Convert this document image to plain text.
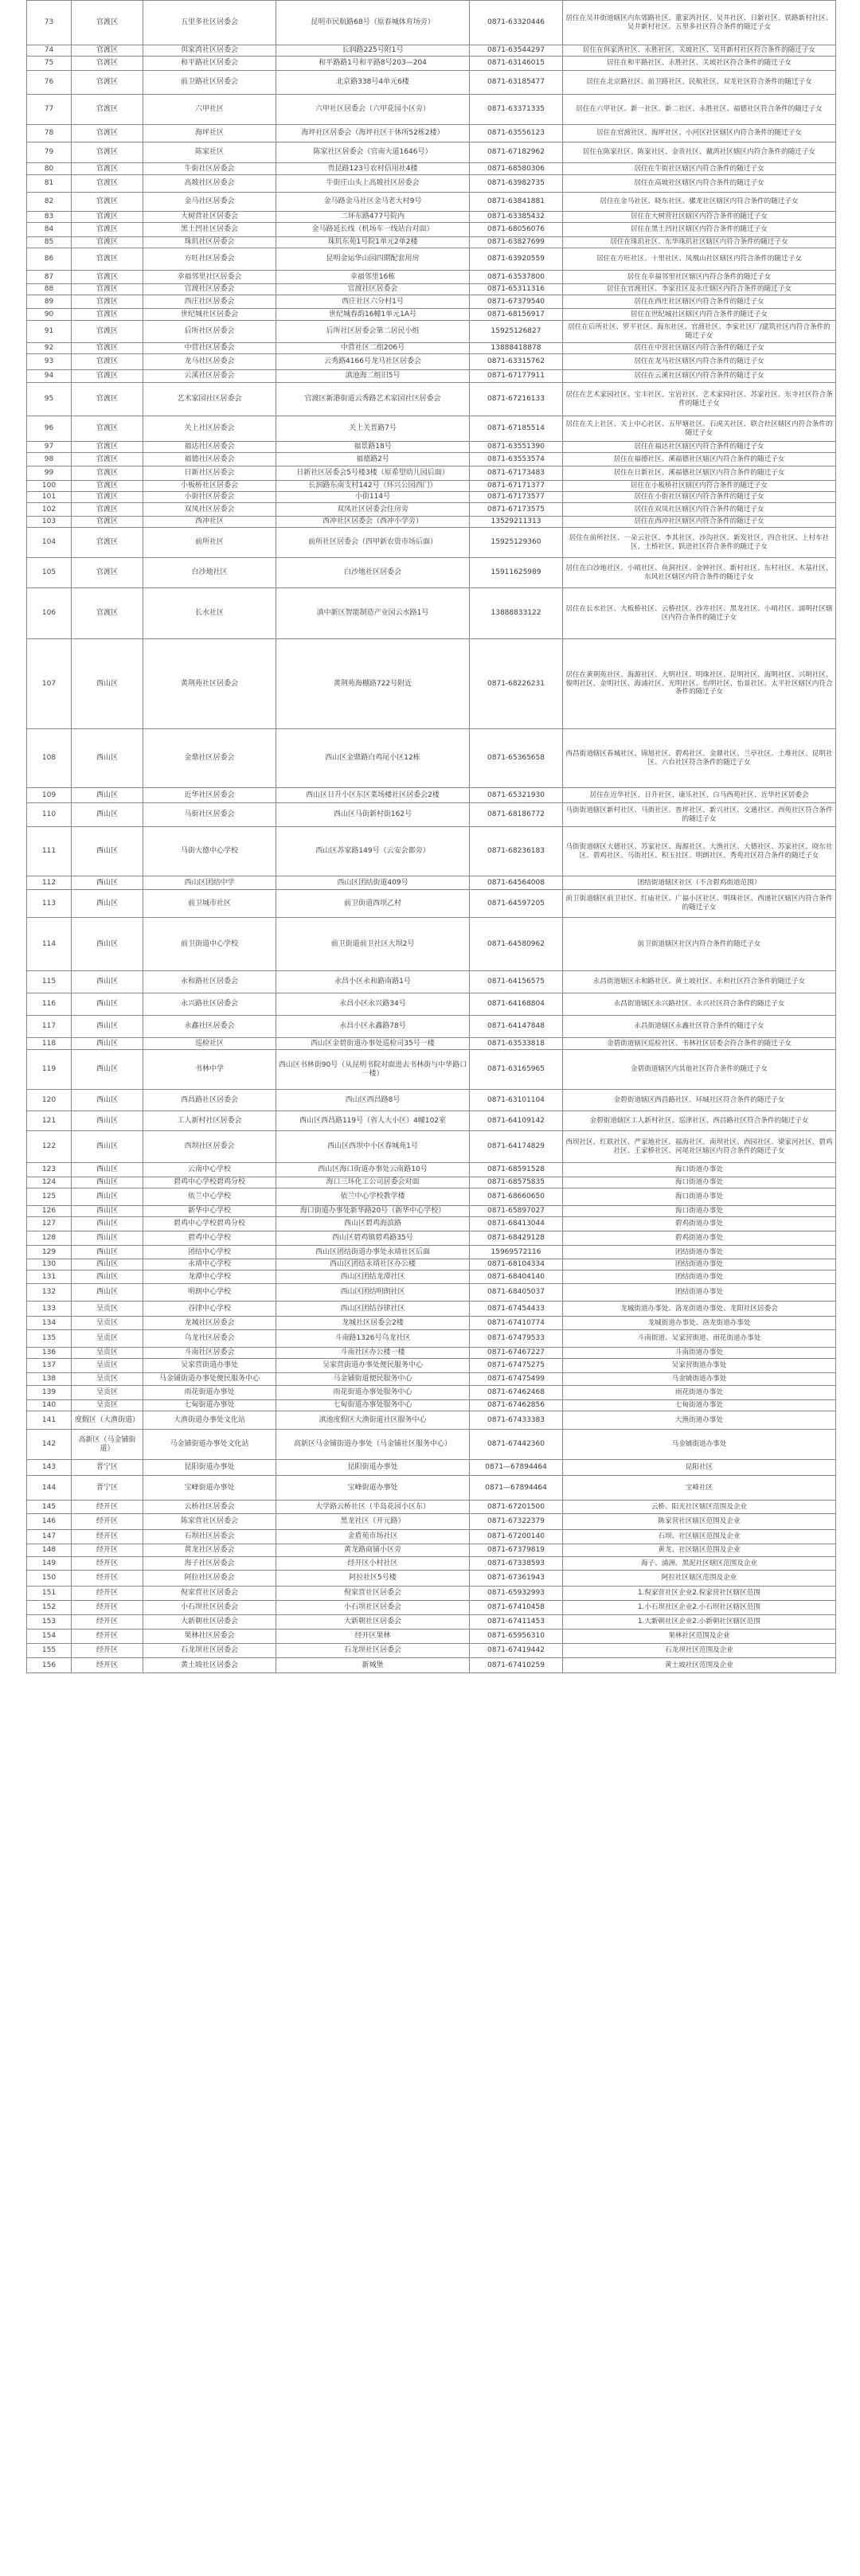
73	官渡区	五里多社区居委会	昆明市民航路68号（原春城体育场旁）	0871-63320446	居住在吴井街道辖区内东郊路社区、董家湾社区、吴井社区、日新社区、铁路新村社区、吴井新村社区、五里多社区符合条件的随迁子女
74	官渡区	佴家湾社区居委会	长润路225号附1号	0871-63544297	居住在佴家湾社区、永胜社区、关坡社区、吴井新村社区符合条件的随迁子女
75	官渡区	和平路社区居委会	和平路路1号和平路8号203—204	0871-63146015	居住在和平路社区、永胜社区、关坡社区符合条件的随迁子女
76	官渡区	前卫路社区居委会	北京路338号4单元6楼	0871-63185477	居住在北京路社区、前卫路社区、民航社区、双龙社区符合条件的随迁子女
77	官渡区	六甲社区	六甲社区居委会（六甲花园小区旁）	0871-63371335	居住在六甲社区、新一社区、新二社区、永胜社区、福德社区符合条件的随迁子女
78	官渡区	海坪社区	海坪社区居委会（海坪社区干休所52栋2楼）	0871-63556123	居住在官渡社区、海坪社区、小河区社区辖区内符合条件的随迁子女
79	官渡区	陈家社区	陈家社区居委会（官南大道1646号）	0871-67182962	居住在陈家社区、陈家社区、金贵社区、戴湾社区辖区内符合条件的随迁子女
80	官渡区	牛街社区居委会	贵昆路123号农村信用社4楼	0871-68580306	居住在牛街社区辖区内符合条件的随迁子女
81	官渡区	高坡社区居委会	牛街庄山头上高坡社区居委会	0871-63982735	居住在高坡社区辖区内符合条件的随迁子女
82	官渡区	金马社区居委会	金马路金马社区金马老大村9号	0871-63841881	居住在金马社区、晓东社区、骡龙社区辖区内符合条件的随迁子女
83	官渡区	大树营社区居委会	二环东路477号院内	0871-63385432	居住在大树营社区辖区内符合条件的随迁子女
84	官渡区	黑土凹社区居委会	金马路延长线（机场车一线站台对面）	0871-68056076	居住在黑土凹社区辖区内符合条件的随迁子女
85	官渡区	珠玑社区居委会	珠玑东苑1号院1单元2单2楼	0871-63827699	居住在珠玑社区、东华珠玑社区辖区内符合条件的随迁子女
86	官渡区	方旺社区居委会	昆明金运华山园四期配套用房	0871-63920559	居住在方旺社区、十里社区、凤凰山社区辖区内符合条件的随迁子女
87	官渡区	幸福邻里社区居委会	幸福邻里16栋	0871-63537800	居住在幸福邻里社区辖区内符合条件的随迁子女
88	官渡区	官渡社区居委会	官渡社区居委会	0871-65311316	居住在官渡社区、李家社区及永庄辖区内符合条件的随迁子女
89	官渡区	西庄社区居委会	西庄社区六分村1号	0871-67379540	居住在西庄社区辖区内符合条件的随迁子女
90	官渡区	世纪城社区居委会	世纪城春韵16幢1单元1A号	0871-68156917	居住在世纪城社区辖区内符合条件的随迁子女
91	官渡区	后所社区居委会	后所社区居委会第二居民小组	15925126827	居住在后所社区、罗平社区、海东社区、官渡社区、李家社区厂/建筑社区内符合条件的随迁子女
92	官渡区	中营社区居委会	中营社区二组206号	13888418878	居住在中营社区辖区内符合条件的随迁子女
93	官渡区	龙马社区居委会	云秀路4166号龙马社区居委会	0871-63315762	居住在龙马社区辖区内符合条件的随迁子女
94	官渡区	云溪社区居委会	滇池海二组旧5号	0871-67177911	居住在云溪社区辖区内符合条件的随迁子女
95	官渡区	艺术家园社区居委会	官渡区新港街道云秀路艺术家园社区居委会	0871-67216133	居住在艺术家园社区、宝丰社区、宝岩社区、艺术家园社区、苏家社区、东寺社区符合条件的随迁子女
96	官渡区	关上社区居委会	关上关晋路7号	0871-67185514	居住在关上社区、关上中心社区、五甲塘社区、石虎关社区、联合社区辖区内符合条件的随迁子女
97	官渡区	福达社区居委会	福景路18号	0871-63551390	居住在福达社区辖区内符合条件的随迁子女
98	官渡区	福德社区居委会	福德路2号	0871-63553574	居住在福德社区、溪福德社区辖区内符合条件的随迁子女
99	官渡区	日新社区居委会	日新社区居委会5号楼3楼（原希望幼儿园后面）	0871-67173483	居住在日新社区、溪福德社区辖区内符合条件的随迁子女
100	官渡区	小板桥社区居委会	长润路东南支村142号（环兴公园西门）	0871-67171377	居住在小板桥社区辖区内符合条件的随迁子女
101	官渡区	小街社区居委会	小街114号	0871-67173577	居住在小街社区辖区内符合条件的随迁子女
102	官渡区	双凤社区居委会	双凤社区居委会住房旁	0871-67173575	居住在双凤社区辖区内符合条件的随迁子女
103	官渡区	西冲社区	西冲社区居委会（西冲小学旁）	13529211313	居住在西冲社区辖区内符合条件的随迁子女
104	官渡区	前所社区	前所社区居委会（四甲新农资市场后面）	15925129360	居住在前所社区、一朵云社区、李其社区、沙沟社区、新发社区、四合社区、上村车社区、土桥社区、跃进社区符合条件的随迁子女
105	官渡区	白沙地社区	白沙地社区居委会	15911625989	居住在白沙地社区、小哨社区、鱼洞社区、金钟社区、新村社区、东村社区、木基社区、东风社区辖区内符合条件的随迁子女
106	官渡区	长水社区	滇中新区智能制造产业园云水路1号	13888833122	居住在长水社区、大板桥社区、云桥社区、沙井社区、黑龙社区、小哨社区、浦明社区辖区内符合条件的随迁子女
107	西山区	黄荆苑社区居委会	黄荆苑海棚路722号附近	0871-68226231	居住在黄荆苑社区、海源社区、大明社区、明珠社区、昆明社区、海明社区、兴明社区、俊明社区、金明社区、海浦社区、光明社区、怡明社区、怡景社区、太平社区辖区内符合条件的随迁子女
108	西山区	金鼎社区居委会	西山区金鼎路白鸡尾小区12栋	0871-65365658	西昌街道辖区春城社区、锦旭社区、碧鸡社区、金鼎社区、兰亭社区、土堆社区、昆明社区、六台社区符合条件的随迁子女
109	西山区	近华社区居委会	西山区日升小区东区菜场楼社区居委会2楼	0871-65321930	居住在近华社区、日升社区、康乐社区、白马西苑社区、近华社区居委会
110	西山区	马街社区居委会	西山区马街新村街162号	0871-68186772	马街街道辖区新村社区、马街社区、普坪社区、新兴社区、交通社区、西苑社区符合条件的随迁子女
111	西山区	马街大德中心学校	西山区苏家路149号（云安会都旁）	0871-68236183	马街街道辖区大德社区、苏家社区、海源社区、大渔社区、大德社区、苏家社区、晓东社区、碧鸡社区、马街社区、积玉社区、明朗社区、秀苑社区符合条件的随迁子女
112	西山区	西山区团结中学	西山区团结街道409号	0871-64564008	团结街道辖区社区（不含碧鸡街道范围）
113	西山区	前卫城市社区	前卫街道西坝乙村	0871-64597205	前卫街道辖区前卫社区、红庙社区、广福小区社区、明珠社区、西递社区辖区内符合条件的随迁子女
114	西山区	前卫街道中心学校	前卫街道前卫社区大坝2号	0871-64580962	前卫街道辖区社区内符合条件的随迁子女
115	西山区	永和路社区居委会	永昌小区永和路南路1号	0871-64156575	永昌街道辖区永和路社区、黄土坡社区、永和社区符合条件的随迁子女
116	西山区	永兴路社区居委会	永昌小区永兴路34号	0871-64168804	永昌街道辖区永兴路社区、永兴社区符合条件的随迁子女
117	西山区	永鑫社区居委会	永昌小区永鑫路78号	0871-64147848	永昌街道辖区永鑫社区符合条件的随迁子女
118	西山区	巡检社区	西山区金碧街道办事处巡检司35号一楼	0871-63533818	金碧街道辖区巡检社区、书林社区居委会符合条件的随迁子女
119	西山区	书林中学	西山区书林街90号（从昆明书院对面进去书林街与中华路口一楼）	0871-63165965	金碧街道辖区内其他社区符合条件的随迁子女
120	西山区	西昌路社区居委会	西山区西昌路8号	0871-63101104	金碧街道辖区西昌路社区、环城社区符合条件的随迁子女
121	西山区	工人新村社区居委会	西山区西昌路119号（省人大小区）4幢102室	0871-64109142	金碧街道辖区工人新村社区、巡津社区、西昌路社区符合条件的随迁子女
122	西山区	西坝社区居委会	西山区西坝中小区春城苑1号	0871-64174829	西坝社区、红联社区、严家地社区、福海社区、南坝社区、西园社区、梁家河社区、碧鸡社区、王家桥社区、河尾社区辖区内符合条件的随迁子女
123	西山区	云南中心学校	西山区海口街道办事处云南路10号	0871-68591528	海口街道办事处
124	西山区	碧鸡中心学校碧鸡分校	海口三环化工公司居委会对面	0871-68575835	海口街道办事处
125	西山区	依兰中心学校	依兰中心学校教学楼	0871-68660650	海口街道办事处
126	西山区	新华中心学校	海口街道办事处新华路20号（新华中心学校）	0871-65897027	海口街道办事处
127	西山区	碧鸡中心学校碧鸡分校	西山区碧鸡海滨路	0871-68413044	碧鸡街道办事处
128	西山区	碧鸡中心学校	西山区碧鸡镇碧鸡路35号	0871-68429128	碧鸡街道办事处
129	西山区	团结中心学校	西山区团结街道办事处永靖社区后面	15969572116	团结街道办事处
130	西山区	永靖中心学校	西山区团结永靖社区办公楼	0871-68104334	团结街道办事处
131	西山区	龙潭中心学校	西山区团结龙潭社区	0871-68404140	团结街道办事处
132	西山区	明朗中心学校	西山区团结明朗社区	0871-68405037	团结街道办事处
133	呈贡区	谷律中心学校	西山区团结谷律社区	0871-67454433	龙城街道办事处、洛龙街道办事处、龙阳社区居委会
134	呈贡区	龙城社区居委会	龙城社区居委会2楼	0871-67410774	龙城街道办事处、洛龙街道办事处
135	呈贡区	乌龙社区居委会	斗南路1326号乌龙社区	0871-67479533	斗南街道、吴家营街道、雨花街道办事处
136	呈贡区	斗南社区居委会	斗南社区办公楼一楼	0871-67467227	斗南街道办事处
137	呈贡区	吴家营街道办事处	吴家营街道办事处便民服务中心	0871-67475275	吴家营街道办事处
138	呈贡区	马金铺街道办事处便民服务中心	马金铺街道便民服务中心	0871-67475499	马金铺街道办事处
139	呈贡区	雨花街道办事处	雨花街道办事处服务中心	0871-67462468	雨花街道办事处
140	呈贡区	七甸街道办事处	七甸街道办事处服务中心	0871-67462856	七甸街道办事处
141	度假区（大渔街道）	大渔街道办事处文化站	滇池度假区大渔街道社区服务中心	0871-67433383	大渔街道办事处
142	高新区（马金铺街道）	马金铺街道办事处文化站	高新区马金铺街道办事处（马金铺社区服务中心）	0871-67442360	马金铺街道办事处
143	晋宁区	昆阳街道办事处	昆阳街道办事处	0871—67894464	昆阳社区
144	晋宁区	宝峰街道办事处	宝峰街道办事处	0871—67894464	宝峰社区
145	经开区	云桥社区居委会	大学路云桥社区（半岛花园小区东）	0871-67201500	云桥、阳光社区辖区范围及企业
146	经开区	陈家营社区居委会	黑龙社区（开元路）	0871-67322379	陈家营社区辖区范围及企业
147	经开区	石坝社区居委会	金盾苑市场社区	0871-67200140	石坝、社区辖区范围及企业
148	经开区	黄龙社区居委会	黄龙路商铺小区旁	0871-67379819	黄龙、社区辖区范围及企业
149	经开区	海子社区居委会	经开区小村社区	0871-67338593	海子、浦洲、黑泥社区辖区范围及企业
150	经开区	阿拉社区居委会	阿拉社区5号楼	0871-67361943	阿拉社区辖区范围及企业
151	经开区	倪家营社区居委会	倪家营社区居委会	0871-65932993	1.倪家营社区企业2.倪家营社区辖区范围
152	经开区	小石坝社区居委会	小石坝社区居委会	0871-67410458	1.小石坝社区企业2.小石坝社区辖区范围
153	经开区	大新朝社区居委会	大新朝社区居委会	0871-67411453	1.大新朝社区企业2.小新朝社区辖区范围
154	经开区	果林社区居委会	经开区果林	0871-65956310	果林社区范围及企业
155	经开区	石龙坝社区居委会	石龙坝社区居委会	0871-67419442	石龙坝社区范围及企业
156	经开区	黄土坡社区居委会	新城堡	0871-67410259	黄土坡社区范围及企业
